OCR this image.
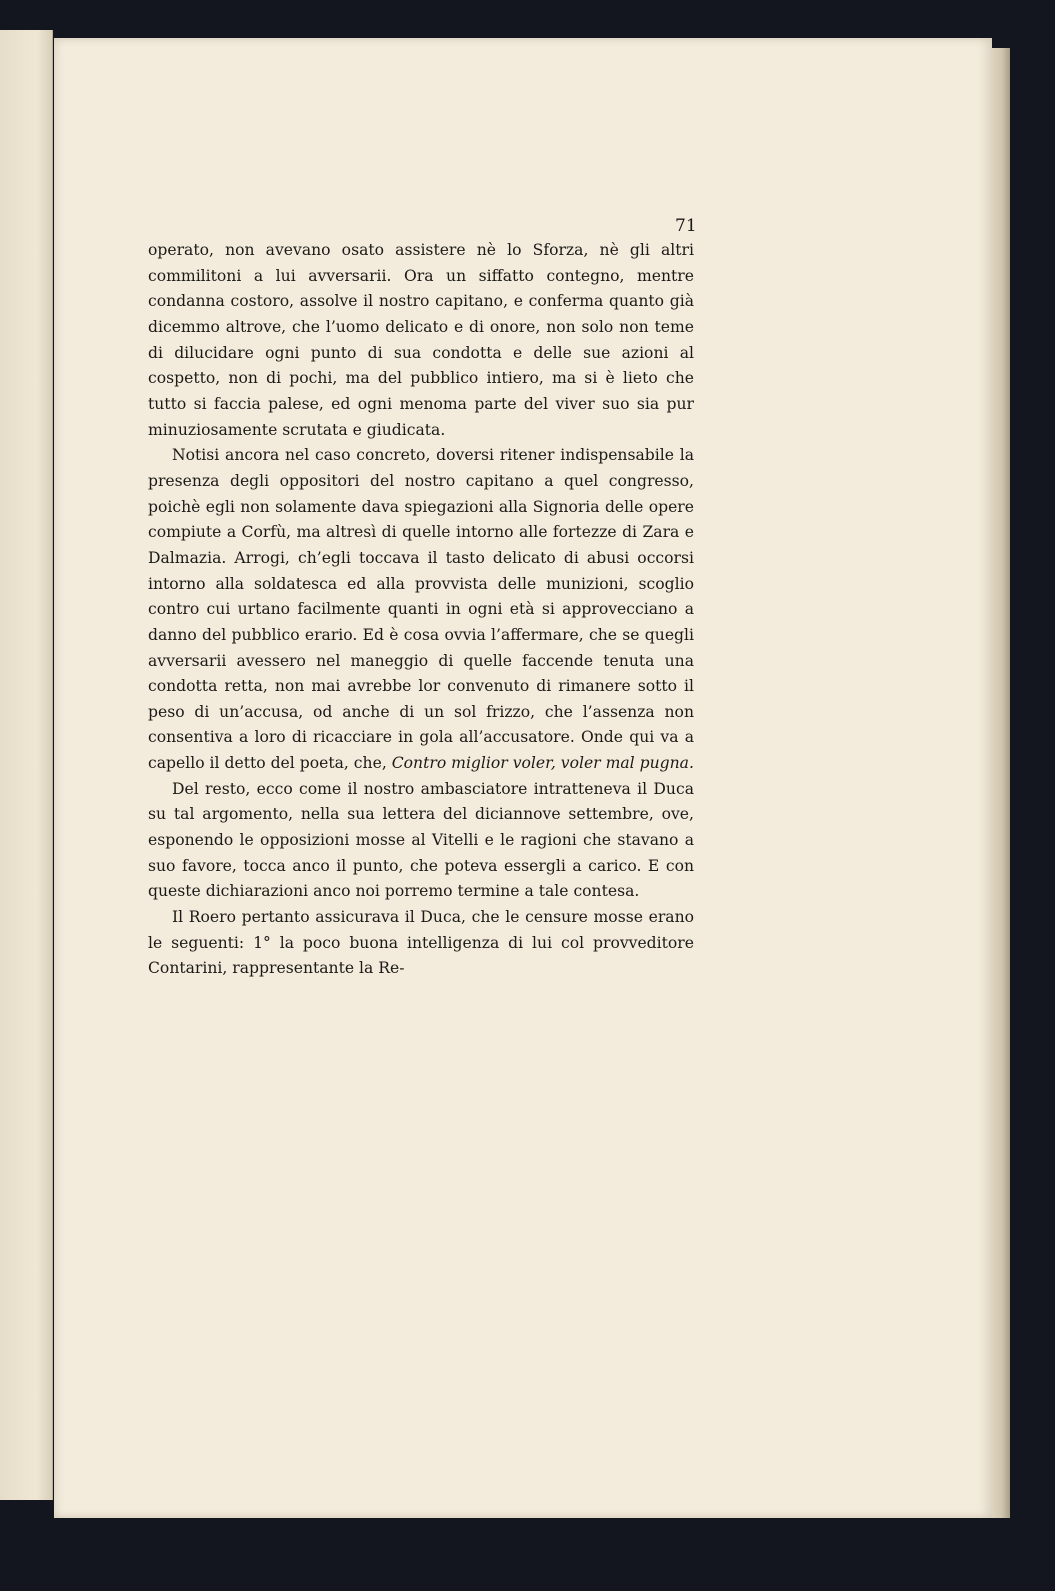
71

operato, non avevano osato assistere nè lo Sforza, nè gli altri commilitoni a lui avversarii. Ora un siffatto contegno, mentre condanna costoro, assolve il nostro capitano, e conferma quanto già dicemmo altrove, che l’uomo delicato e di onore, non solo non teme di dilucidare ogni punto di sua condotta e delle sue azioni al cospetto, non di pochi, ma del pubblico intiero, ma si è lieto che tutto si faccia palese, ed ogni menoma parte del viver suo sia pur minuziosamente scrutata e giudicata.

Notisi ancora nel caso concreto, doversi ritener indispensabile la presenza degli oppositori del nostro capitano a quel congresso, poichè egli non solamente dava spiegazioni alla Signoria delle opere compiute a Corfù, ma altresì di quelle intorno alle fortezze di Zara e Dalmazia. Arrogi, ch’egli toccava il tasto delicato di abusi occorsi intorno alla soldatesca ed alla provvista delle munizioni, scoglio contro cui urtano facilmente quanti in ogni età si approvecciano a danno del pubblico erario. Ed è cosa ovvia l’affermare, che se quegli avversarii avessero nel maneggio di quelle faccende tenuta una condotta retta, non mai avrebbe lor convenuto di rimanere sotto il peso di un’accusa, od anche di un sol frizzo, che l’assenza non consentiva a loro di ricacciare in gola all’accusatore. Onde qui va a capello il detto del poeta, che, Contro miglior voler, voler mal pugna.

Del resto, ecco come il nostro ambasciatore intratteneva il Duca su tal argomento, nella sua lettera del diciannove settembre, ove, esponendo le opposizioni mosse al Vitelli e le ragioni che stavano a suo favore, tocca anco il punto, che poteva essergli a carico. E con queste dichiarazioni anco noi porremo termine a tale contesa.

Il Roero pertanto assicurava il Duca, che le censure mosse erano le seguenti: 1° la poco buona intelligenza di lui col provveditore Contarini, rappresentante la Re-
